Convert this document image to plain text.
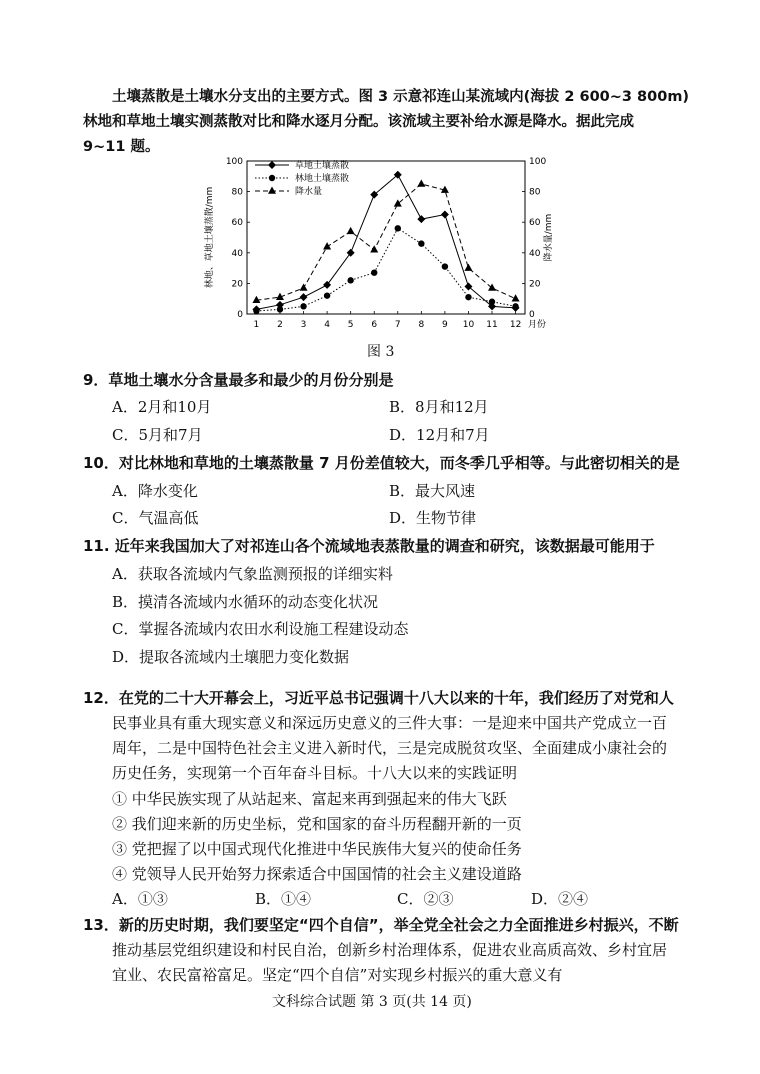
土壤蒸散是土壤水分支出的主要方式。图 3 示意祁连山某流域内(海拔 2 600~3 800m)
林地和草地土壤实测蒸散对比和降水逐月分配。该流域主要补给水源是降水。据此完成
9~11 题。
0	0
20	20
40	40
60	60
80	80
100	100
1 2 3 4 5 6 7 8 9 10 11 12 月份
林地、草地土壤蒸散/mm	降水量/mm
草地土壤蒸散
林地土壤蒸散
降水量
图 3
9．草地土壤水分含量最多和最少的月份分别是
A．2月和10月	B．8月和12月
C．5月和7月	D．12月和7月
10．对比林地和草地的土壤蒸散量 7 月份差值较大，而冬季几乎相等。与此密切相关的是
A．降水变化	B．最大风速
C．气温高低	D．生物节律
11. 近年来我国加大了对祁连山各个流域地表蒸散量的调查和研究，该数据最可能用于
A．获取各流域内气象监测预报的详细实料
B．摸清各流域内水循环的动态变化状况
C．掌握各流域内农田水利设施工程建设动态
D．提取各流域内土壤肥力变化数据
12．在党的二十大开幕会上，习近平总书记强调十八大以来的十年，我们经历了对党和人
民事业具有重大现实意义和深远历史意义的三件大事：一是迎来中国共产党成立一百
周年，二是中国特色社会主义进入新时代，三是完成脱贫攻坚、全面建成小康社会的
历史任务，实现第一个百年奋斗目标。十八大以来的实践证明
① 中华民族实现了从站起来、富起来再到强起来的伟大飞跃
② 我们迎来新的历史坐标，党和国家的奋斗历程翻开新的一页
③ 党把握了以中国式现代化推进中华民族伟大复兴的使命任务
④ 党领导人民开始努力探索适合中国国情的社会主义建设道路
A．①③	B．①④	C．②③	D．②④
13．新的历史时期，我们要坚定“四个自信”，举全党全社会之力全面推进乡村振兴，不断
推动基层党组织建设和村民自治，创新乡村治理体系，促进农业高质高效、乡村宜居
宜业、农民富裕富足。坚定“四个自信”对实现乡村振兴的重大意义有
文科综合试题 第 3 页(共 14 页)
